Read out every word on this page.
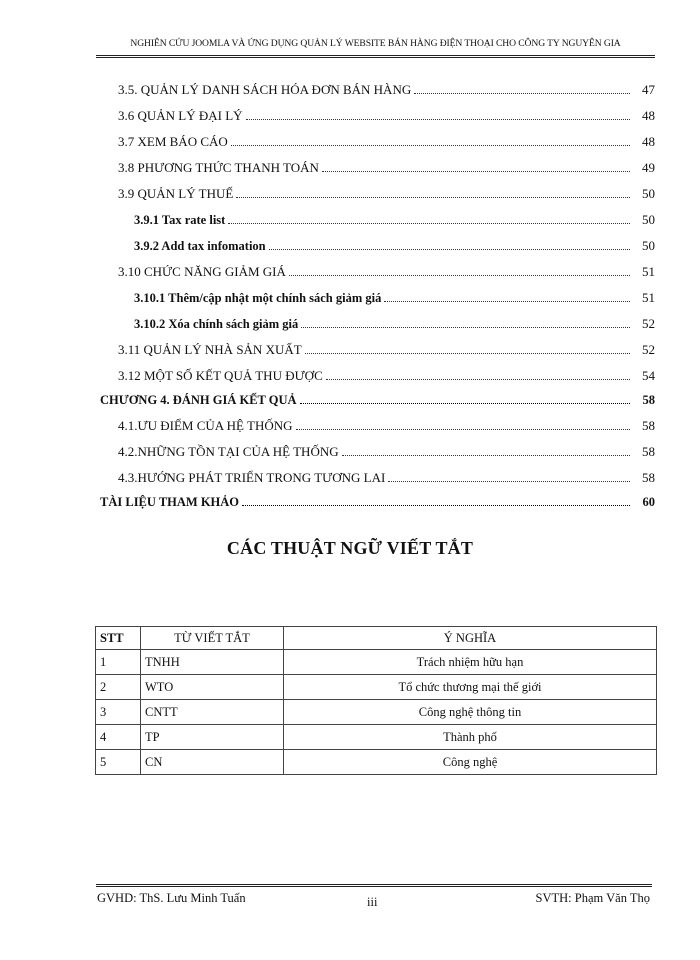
NGHIÊN CỨU JOOMLA VÀ ỨNG DỤNG QUẢN LÝ WEBSITE BÁN HÀNG ĐIỆN THOẠI CHO CÔNG TY NGUYÊN GIA
3.5. QUẢN LÝ DANH SÁCH HÓA ĐƠN BÁN HÀNG	47
3.6 QUẢN LÝ ĐẠI LÝ	48
3.7 XEM BÁO CÁO	48
3.8 PHƯƠNG THỨC THANH TOÁN	49
3.9 QUẢN LÝ THUẾ	50
3.9.1 Tax rate list	50
3.9.2 Add tax infomation	50
3.10 CHỨC NĂNG GIẢM GIÁ	51
3.10.1 Thêm/cập nhật một chính sách giảm giá	51
3.10.2 Xóa chính sách giảm giá	52
3.11 QUẢN LÝ NHÀ SẢN XUẤT	52
3.12 MỘT SỐ KẾT QUẢ THU ĐƯỢC	54
CHƯƠNG 4. ĐÁNH GIÁ KẾT QUẢ	58
4.1.ƯU ĐIỂM CỦA HỆ THỐNG	58
4.2.NHỮNG TỒN TẠI CỦA HỆ THỐNG	58
4.3.HƯỚNG PHÁT TRIỂN TRONG TƯƠNG LAI	58
TÀI LIỆU THAM KHẢO	60
CÁC THUẬT NGỮ VIẾT TẮT
STT	TỪ VIẾT TẮT	Ý NGHĨA
1	TNHH	Trách nhiệm hữu hạn
2	WTO	Tổ chức thương mại thế giới
3	CNTT	Công nghệ thông tin
4	TP	Thành phố
5	CN	Công nghệ
GVHD: ThS. Lưu Minh Tuấn	iii	SVTH: Phạm Văn Thọ
